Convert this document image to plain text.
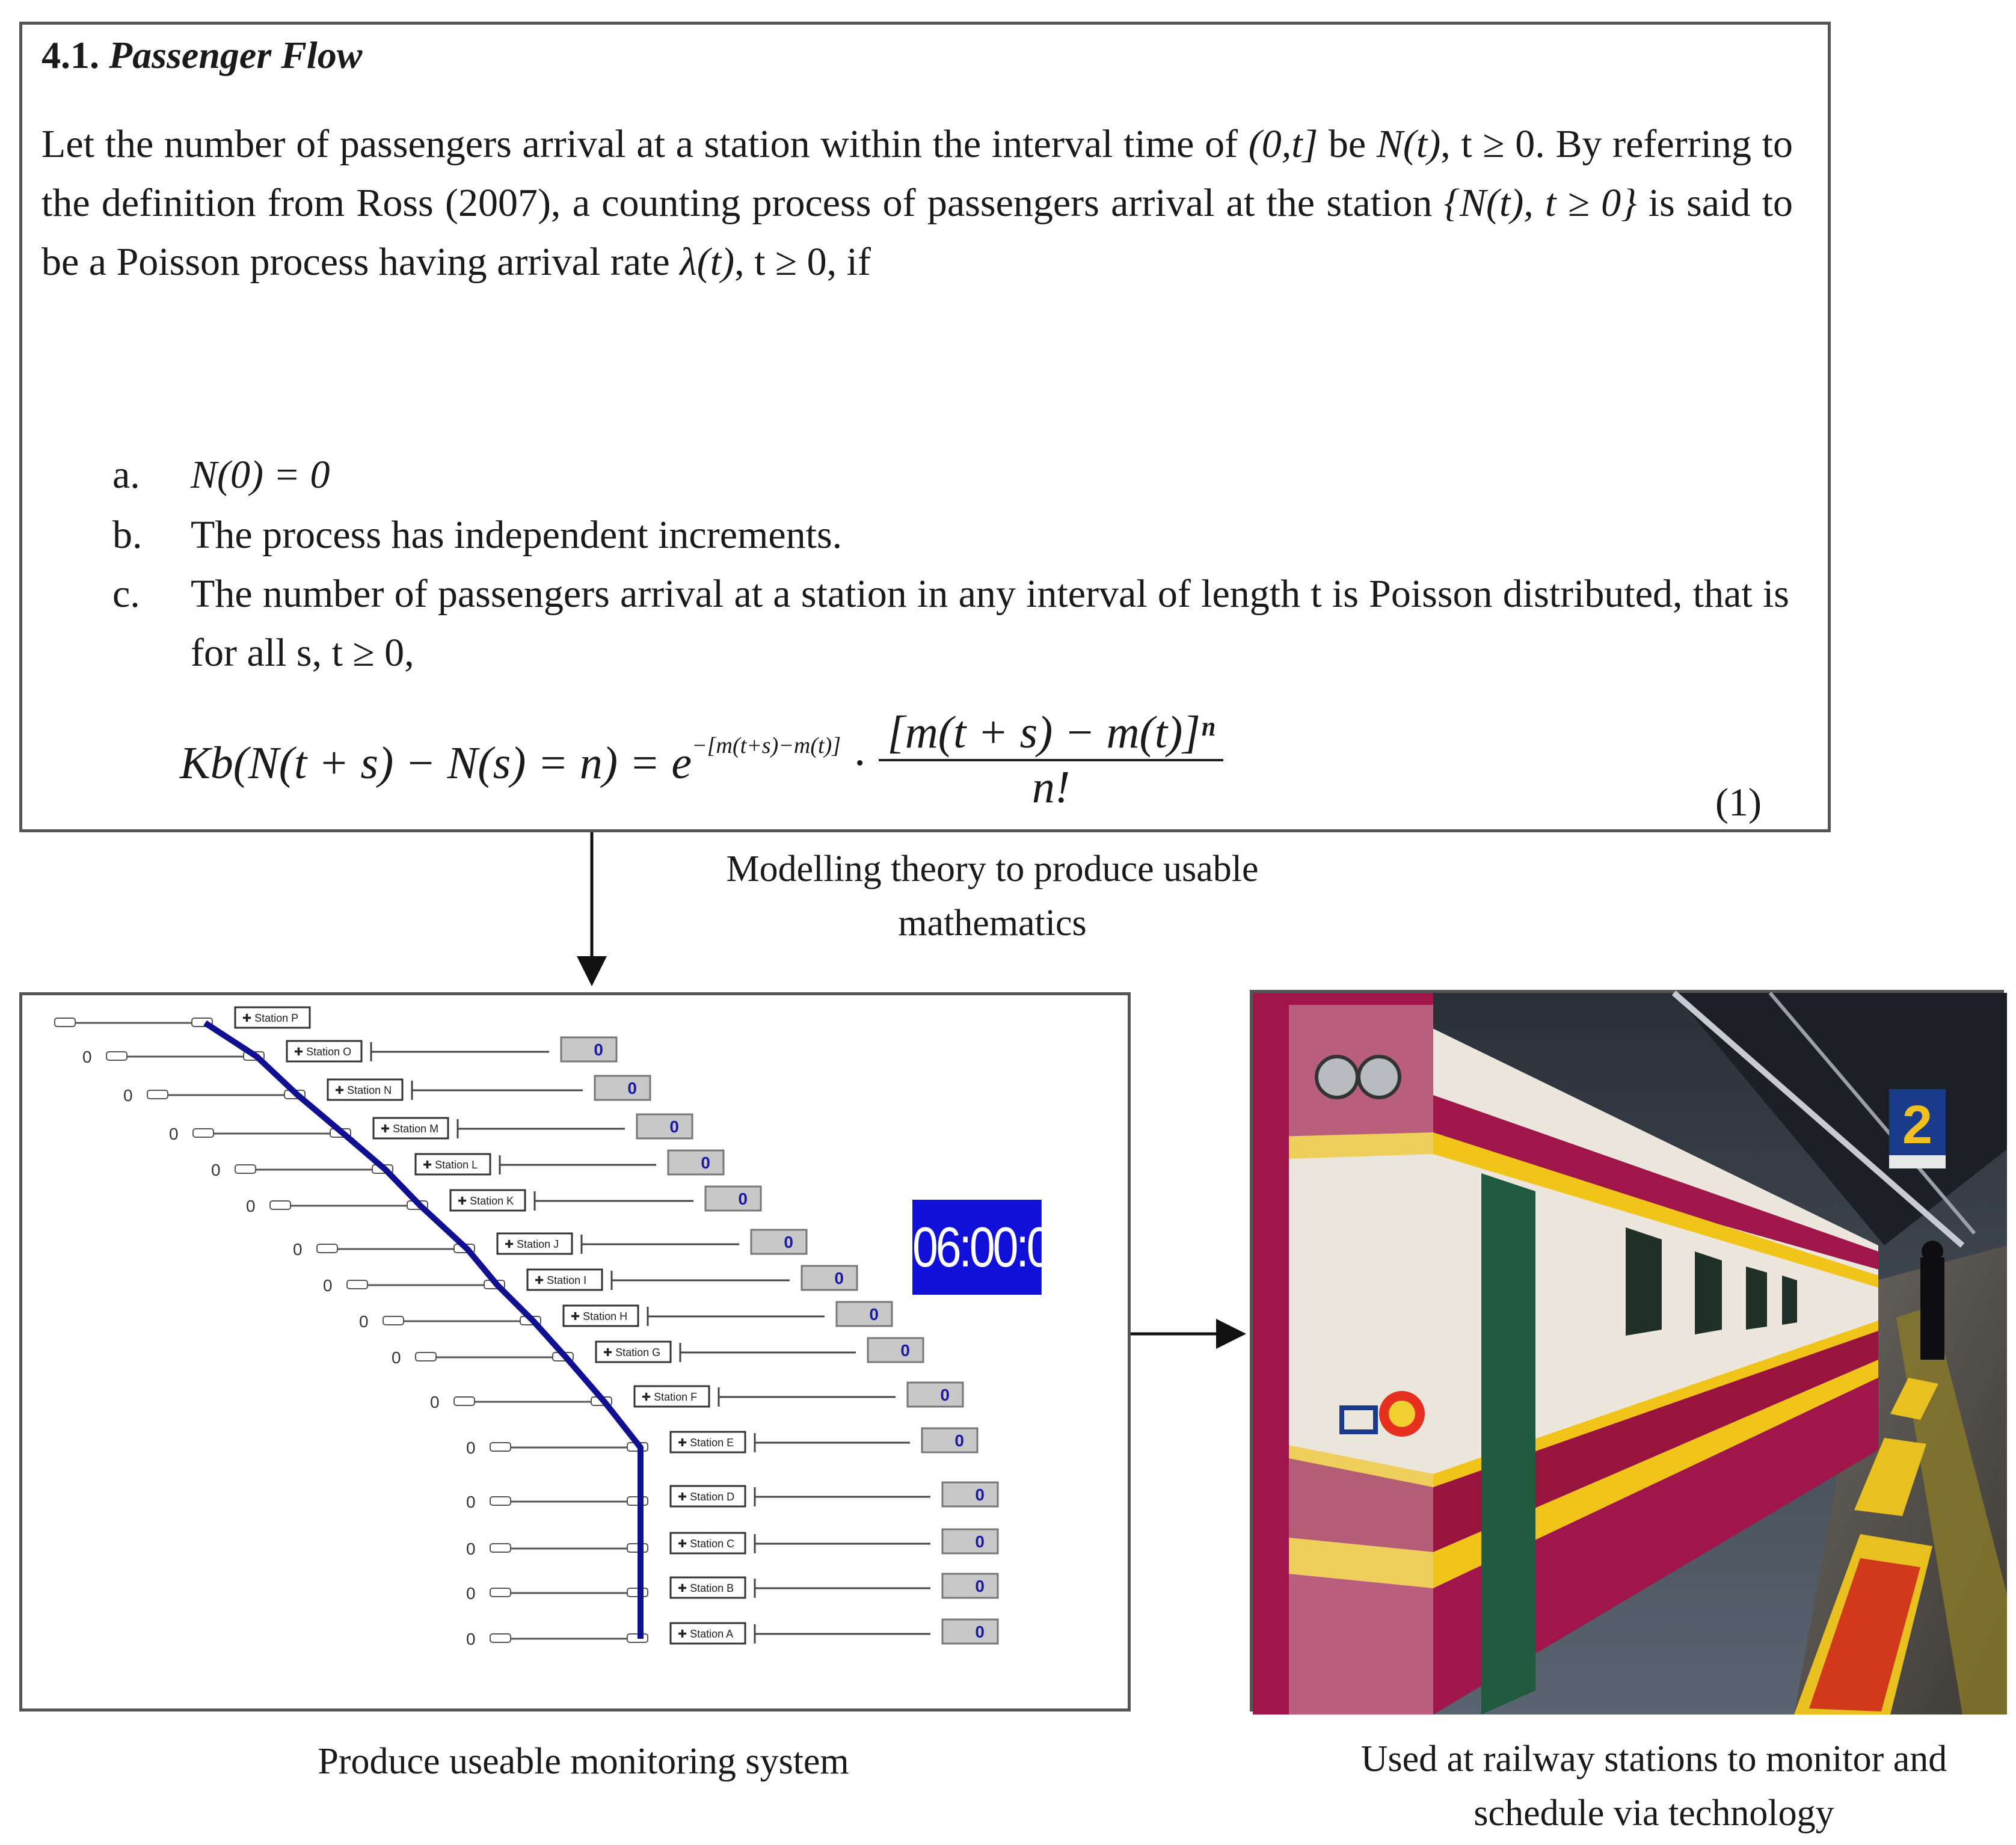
4.1. Passenger Flow

Let the number of passengers arrival at a station within the interval time of (0,t] be N(t), t ≥ 0. By referring to the definition from Ross (2007), a counting process of passengers arrival at the station {N(t), t ≥ 0} is said to be a Poisson process having arrival rate λ(t), t ≥ 0, if

a. N(0) = 0
b. The process has independent increments.
c. The number of passengers arrival at a station in any interval of length t is Poisson distributed, that is for all s, t ≥ 0,
$Kb(N(t + s) - N(s) = n) = e^{-[m(t+s)-m(t)]} \cdot \frac{\text{[m(t + s) − m(t)]ⁿ}}{n!}$
(1)
Modelling theory to produce usable mathematics
✚ Station P
0	✚ Station O	0
0	✚ Station N	0
0	✚ Station M	0
0	✚ Station L	0
0	✚ Station K	0
0	✚ Station J	0
0	✚ Station I	0
0	✚ Station H	0
0	✚ Station G	0
0	✚ Station F	0
0	✚ Station E	0
0	✚ Station D	0
0	✚ Station C	0
0	✚ Station B	0
0	✚ Station A	0
06:00:00
Produce useable monitoring system
2
Used at railway stations to monitor and schedule via technology
